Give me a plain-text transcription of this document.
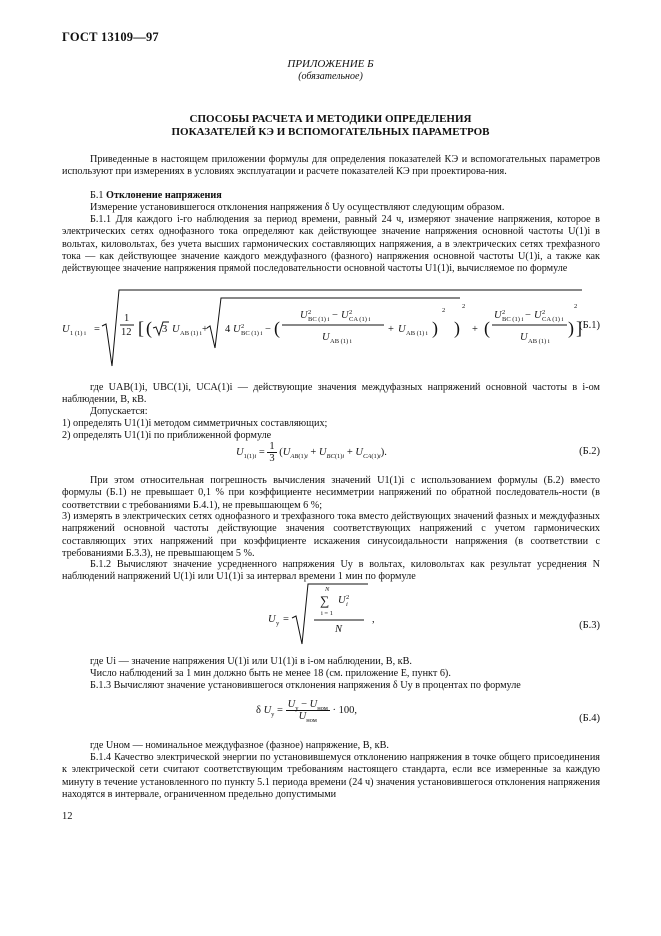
ГОСТ 13109—97
ПРИЛОЖЕНИЕ Б
(обязательное)
СПОСОБЫ РАСЧЕТА И МЕТОДИКИ ОПРЕДЕЛЕНИЯ
ПОКАЗАТЕЛЕЙ КЭ И ВСПОМОГАТЕЛЬНЫХ ПАРАМЕТРОВ
Приведенные в настоящем приложении формулы для определения показателей КЭ и вспомогательных параметров используют при измерениях в условиях эксплуатации и расчете показателей КЭ при проектирова-ния.
Б.1 Отклонение напряжения
Измерение установившегося отклонения напряжения δ Uy осуществляют следующим образом.
Б.1.1 Для каждого i-го наблюдения за период времени, равный 24 ч, измеряют значение напряжения, которое в электрических сетях однофазного тока определяют как действующее значение напряжения основной частоты U(1)i в вольтах, киловольтах, без учета высших гармонических составляющих напряжения, а в электрических сетях трехфазного тока — как действующее значение каждого междуфазного (фазного) напряжения основной частоты U(1)i, а также как действующее значение напряжения прямой последовательности основной частоты U1(1)i, вычисляемое по формуле
U 1 (1) i =
1
12 [ ( 3 U AB (1) i + 4 U 2
BC (1) i − (
U 2
BC (1) i − U 2
CA (1) i
U AB (1) i
+ U AB (1) i )
2
)
2
+ (
U 2
BC (1) i − U 2
CA (1) i
U AB (1) i
)
2
]
(Б.1)
где UAB(1)i, UBC(1)i, UCA(1)i — действующие значения междуфазных напряжений основной частоты в i-ом наблюдении, В, кВ.
Допускается:
1) определять U1(1)i методом симметричных составляющих;
2) определять U1(1)i по приближенной формуле
$U_{1(1)i} = \frac{1}{3} (U_{AB(1)i} + U_{BC(1)i} + U_{CA(1)i})$.	(Б.2)
При этом относительная погрешность вычисления значений U1(1)i с использованием формулы (Б.2) вместо формулы (Б.1) не превышает 0,1 % при коэффициенте несимметрии напряжений по обратной последователь-ности (в соответствии с требованиями Б.4.1), не превышающем 6 %;
3) измерять в электрических сетях однофазного и трехфазного тока вместо действующих значений фазных и междуфазных напряжений основной частоты действующие значения соответствующих напряжений с учетом гармонических составляющих этих напряжений при коэффициенте искажения синусоидальности напряжения (в соответствии с требованиями Б.3.3), не превышающем 5 %.
Б.1.2 Вычисляют значение усредненного напряжения Uy в вольтах, киловольтах как результат усреднения N наблюдений напряжений U(1)i или U1(1)i за интервал времени 1 мин по формуле
U y =
N
∑
i = 1
U 2
i
N
,
(Б.3)
где Ui — значение напряжения U(1)i или U1(1)i в i-ом наблюдении, В, кВ.
Число наблюдений за 1 мин должно быть не менее 18 (см. приложение Е, пункт 6).
Б.1.3 Вычисляют значение установившегося отклонения напряжения δ Uy в процентах по формуле
δ $U_y = \frac{U_y - U_{ном}}{U_{ном}} \cdot 100$,
(Б.4)
где Uном — номинальное междуфазное (фазное) напряжение, В, кВ.
Б.1.4 Качество электрической энергии по установившемуся отклонению напряжения в точке общего присоединения к электрической сети считают соответствующим требованиям настоящего стандарта, если все измеренные за каждую минуту в течение установленного по пункту 5.1 периода времени (24 ч) значения установившегося отклонения напряжения находятся в интервале, ограниченном предельно допустимыми
12
